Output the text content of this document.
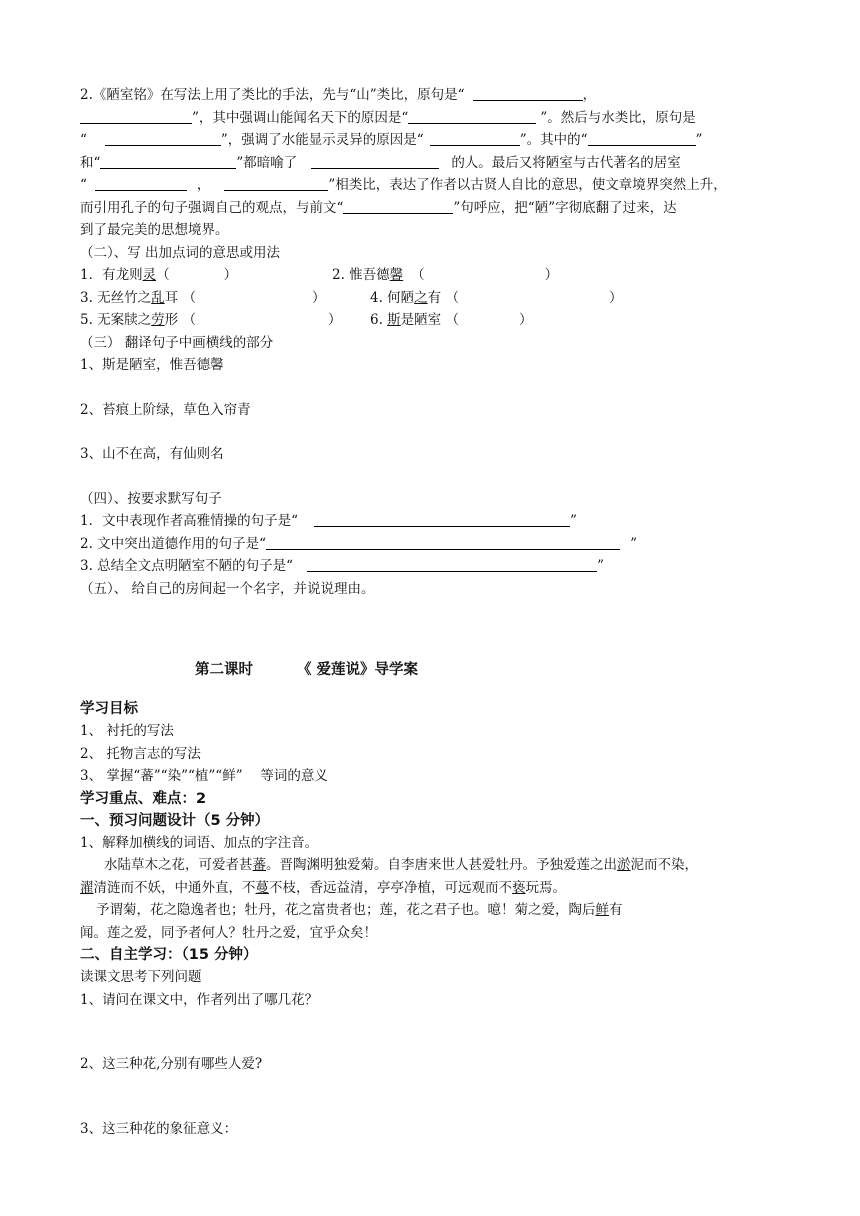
2.《陋室铭》在写法上用了类比的手法，先与“山”类比，原句是“	，

”，其中强调山能闻名天下的原因是“	”。然后与水类比，原句是

“	”，强调了水能显示灵异的原因是“	”。其中的“	”

和“	”都暗喻了	的人。最后又将陋室与古代著名的居室

“	，	”相类比，表达了作者以古贤人自比的意思，使文章境界突然上升，

而引用孔子的句子强调自己的观点，与前文“	”句呼应，把“陋”字彻底翻了过来，达

到了最完美的思想境界。

（二）、写 出加点词的意思或用法

1．有龙则灵（	）	2. 惟吾德馨 （	）

3. 无丝竹之乱耳 （	）	4. 何陋之有 （	）

5. 无案牍之劳形 （	） 6. 斯是陋室 （	）

（三） 翻译句子中画横线的部分

1、斯是陋室，惟吾德馨

2、苔痕上阶绿，草色入帘青

3、山不在高，有仙则名

（四）、按要求默写句子

1．文中表现作者高雅情操的句子是“	”

2. 文中突出道德作用的句子是“	”

3. 总结全文点明陋室不陋的句子是“	”

（五）、 给自己的房间起一个名字，并说说理由。

第二课时	《 爱莲说》导学案

学习目标

1、 衬托的写法

2、 托物言志的写法

3、 掌握“蕃”“染”“植”“鲜”　 等词的意义

学习重点、难点：2

一、预习问题设计（5 分钟）

1、解释加横线的词语、加点的字注音。

水陆草木之花，可爱者甚蕃。晋陶渊明独爱菊。自李唐来世人甚爱牡丹。予独爱莲之出淤泥而不染，

濯清涟而不妖，中通外直，不蔓不枝，香远益清，亭亭净植，可远观而不亵玩焉。

予谓菊，花之隐逸者也；牡丹，花之富贵者也；莲，花之君子也。噫！菊之爱，陶后鲜有

闻。莲之爱，同予者何人？牡丹之爱，宜乎众矣！

二、自主学习：（15 分钟）

读课文思考下列问题

1、请问在课文中，作者列出了哪几花？

2、这三种花,分别有哪些人爱?

3、这三种花的象征意义：
